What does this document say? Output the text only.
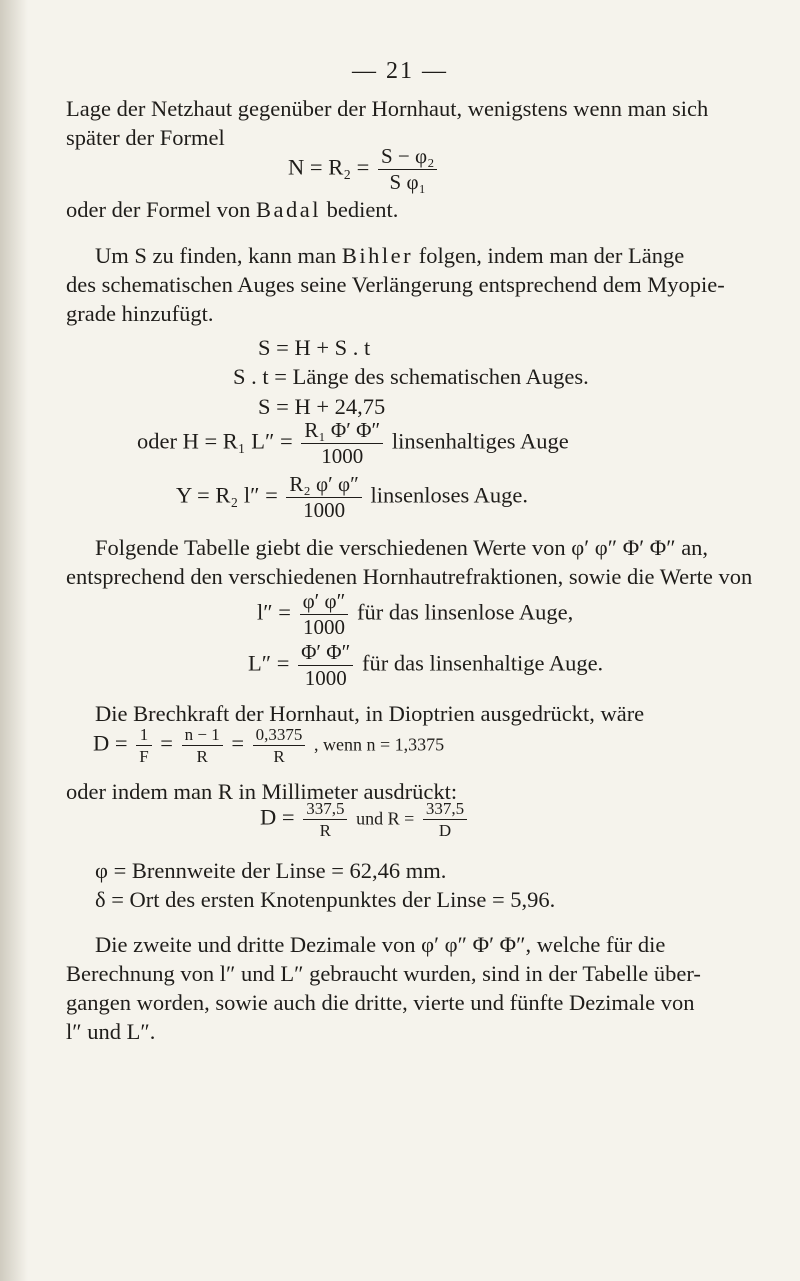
— 21 —
Lage der Netzhaut gegenüber der Hornhaut, wenigstens wenn man sich
später der Formel
$N = R_2 = \frac{\text{S − φ₂}}{\text{S φ₁}}$
oder der Formel von Badal bedient.
Um S zu finden, kann man Bihler folgen, indem man der Länge
des schematischen Auges seine Verlängerung entsprechend dem Myopie-
grade hinzufügt.
S = H + S . t
S . t = Länge des schematischen Auges.
S = H + 24,75
oder H = R₁ $L'' = \frac{\text{R₁ Φ′ Φ″}}{1000}$ linsenhaltiges Auge
Y = R₂ $l'' = \frac{\text{R₂ φ′ φ″}}{1000}$ linsenloses Auge.
Folgende Tabelle giebt die verschiedenen Werte von φ′ φ″ Φ′ Φ″ an,
entsprechend den verschiedenen Hornhautrefraktionen, sowie die Werte von
$l'' = \frac{\varphi' \varphi''}{1000}$ für das linsenlose Auge,
$L'' = \frac{\Phi' \Phi''}{1000}$ für das linsenhaltige Auge.
Die Brechkraft der Hornhaut, in Dioptrien ausgedrückt, wäre
$D = \frac{1}{F} = \frac{n - 1}{R} = \frac{0,3375}{R}$ , wenn n = 1,3375
oder indem man R in Millimeter ausdrückt:
$D = \frac{337,5}{R}$ und $R = \frac{337,5}{D}$
φ = Brennweite der Linse = 62,46 mm.
δ = Ort des ersten Knotenpunktes der Linse = 5,96.
Die zweite und dritte Dezimale von φ′ φ″ Φ′ Φ″, welche für die
Berechnung von l″ und L″ gebraucht wurden, sind in der Tabelle über-
gangen worden, sowie auch die dritte, vierte und fünfte Dezimale von
l″ und L″.
